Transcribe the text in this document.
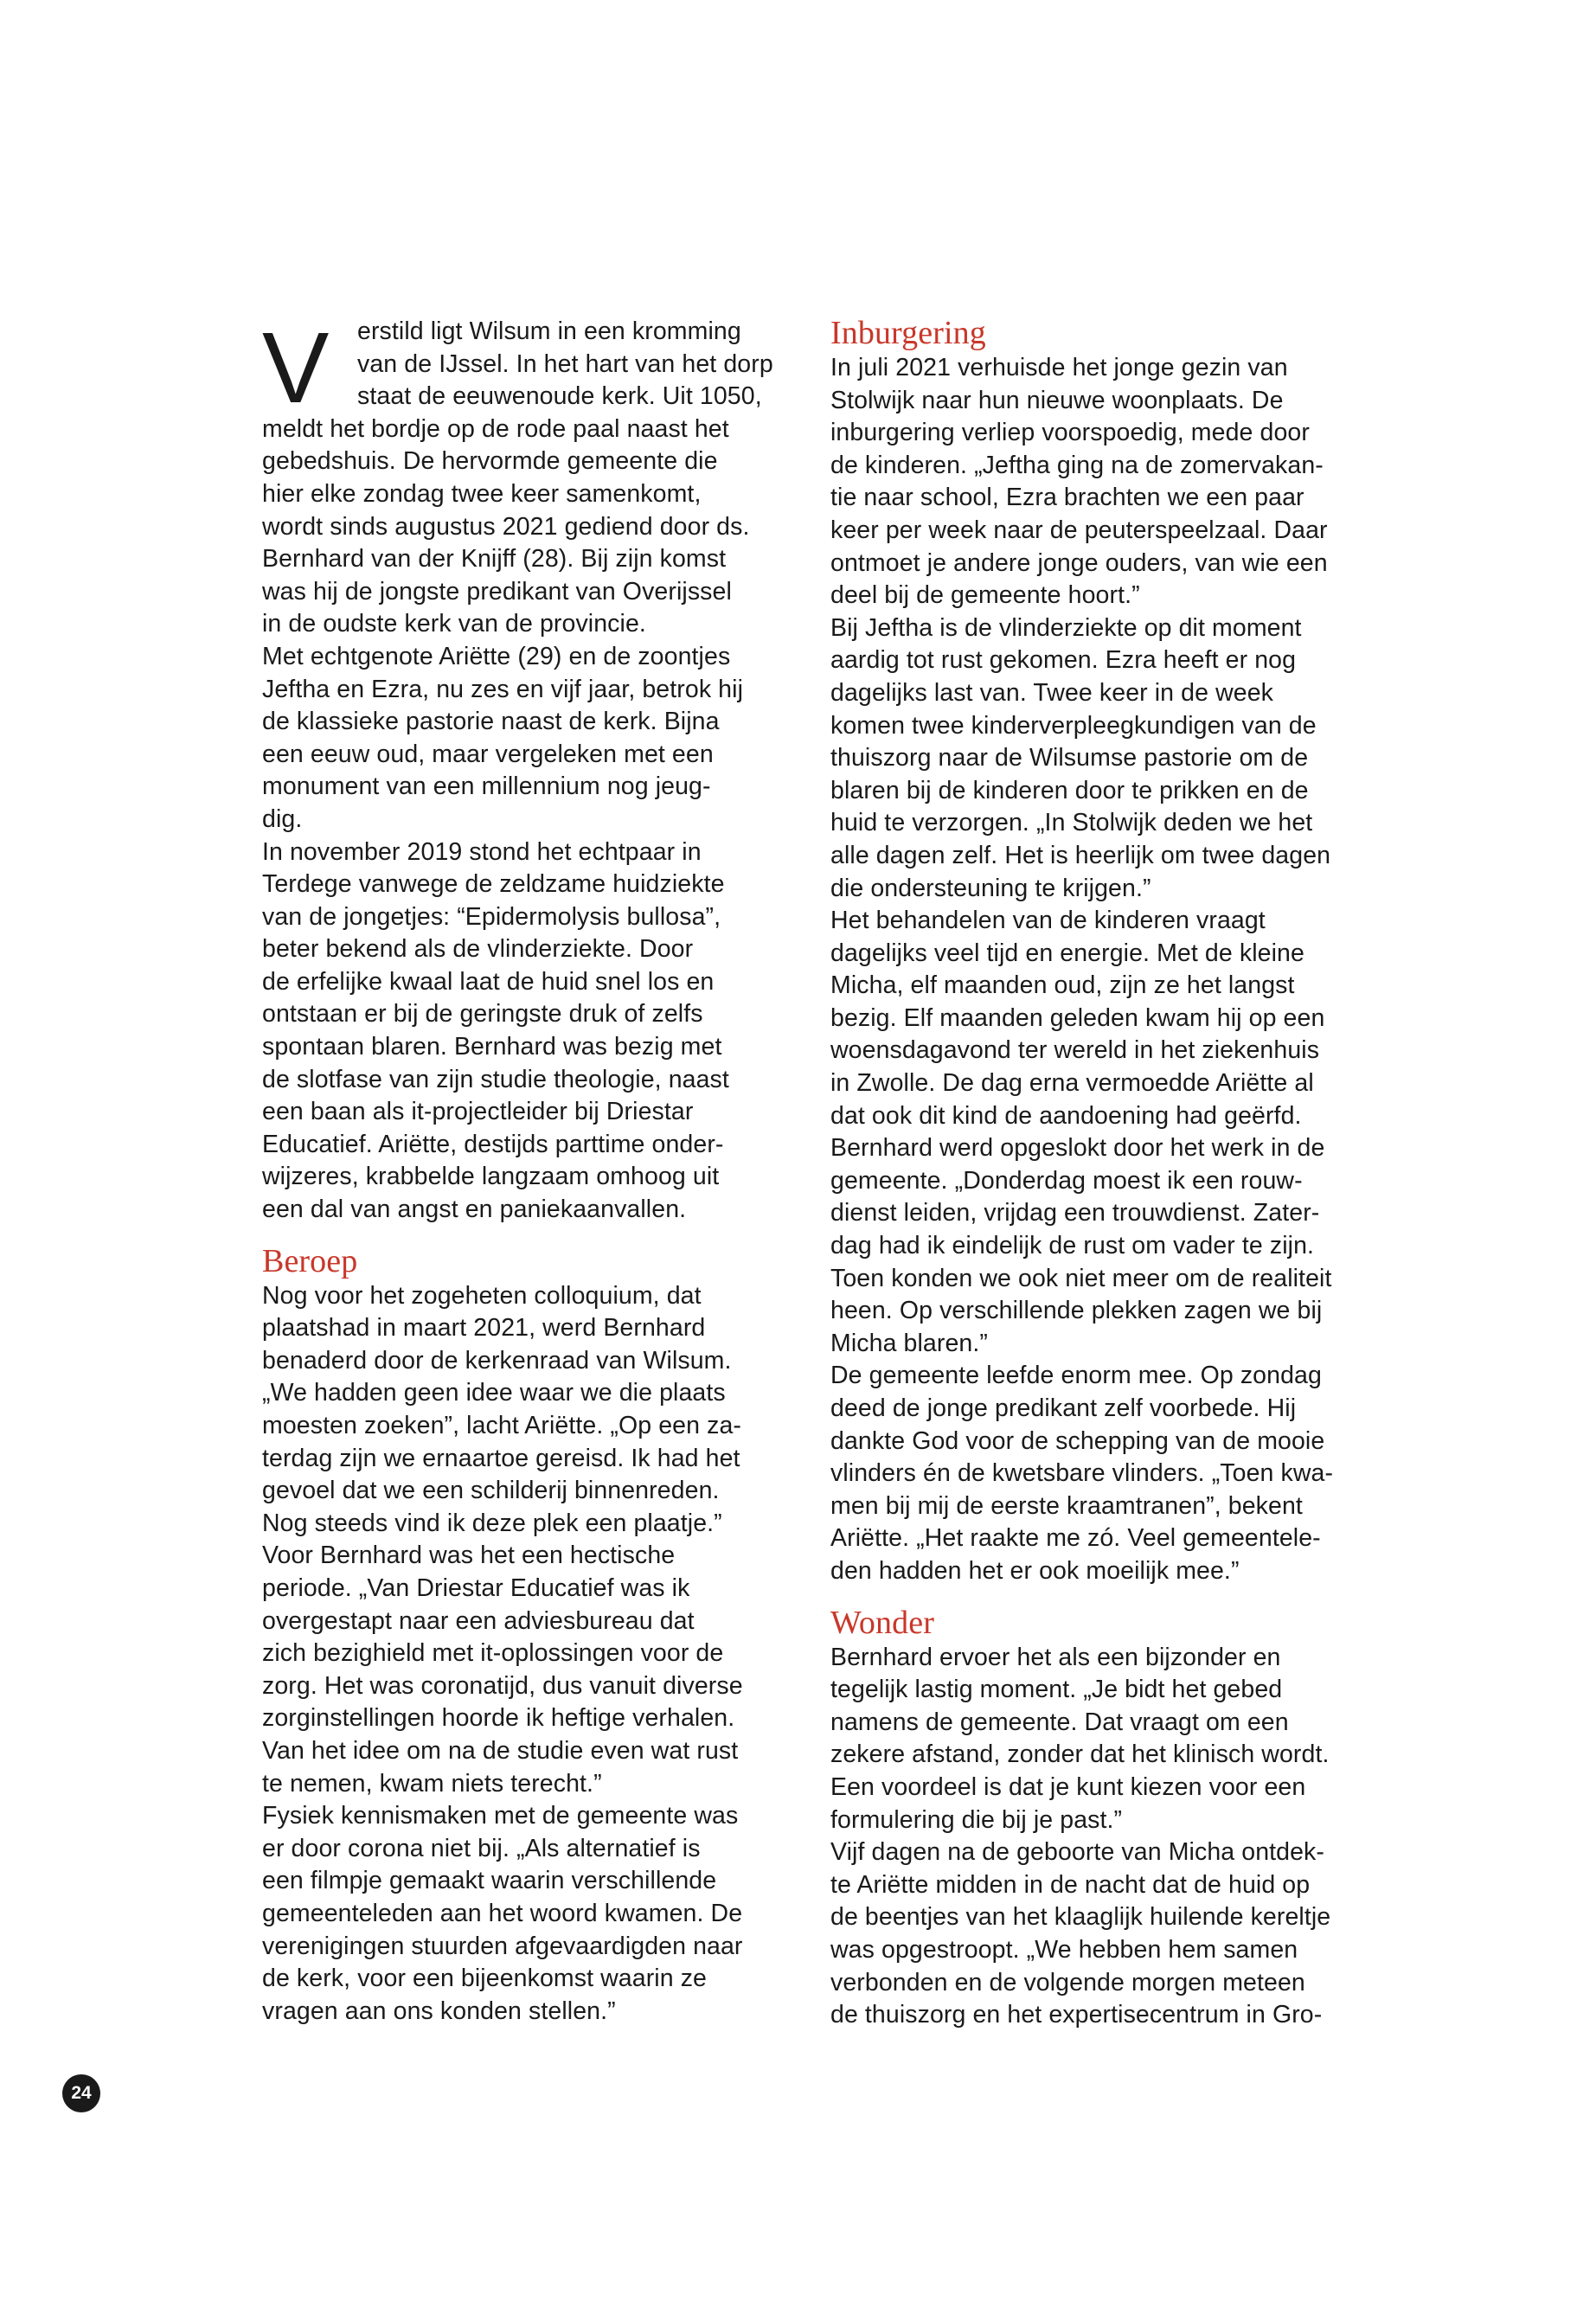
V	erstild ligt Wilsum in een kromming
van de IJssel. In het hart van het dorp
staat de eeuwenoude kerk. Uit 1050,
meldt het bordje op de rode paal naast het
gebedshuis. De hervormde gemeente die
hier elke zondag twee keer samenkomt,
wordt sinds augustus 2021 gediend door ds.
Bernhard van der Knijff (28). Bij zijn komst
was hij de jongste predikant van Overijssel
in de oudste kerk van de provincie.
Met echtgenote Ariëtte (29) en de zoontjes
Jeftha en Ezra, nu zes en vijf jaar, betrok hij
de klassieke pastorie naast de kerk. Bijna
een eeuw oud, maar vergeleken met een
monument van een millennium nog jeug-
dig.
In november 2019 stond het echtpaar in
Terdege vanwege de zeldzame huidziekte
van de jongetjes: “Epidermolysis bullosa”,
beter bekend als de vlinderziekte. Door
de erfelijke kwaal laat de huid snel los en
ontstaan er bij de geringste druk of zelfs
spontaan blaren. Bernhard was bezig met
de slotfase van zijn studie theologie, naast
een baan als it-projectleider bij Driestar
Educatief. Ariëtte, destijds parttime onder-
wijzeres, krabbelde langzaam omhoog uit
een dal van angst en paniekaanvallen.
Beroep
Nog voor het zogeheten colloquium, dat
plaatshad in maart 2021, werd Bernhard
benaderd door de kerkenraad van Wilsum.
„We hadden geen idee waar we die plaats
moesten zoeken”, lacht Ariëtte. „Op een za-
terdag zijn we ernaartoe gereisd. Ik had het
gevoel dat we een schilderij binnenreden.
Nog steeds vind ik deze plek een plaatje.”
Voor Bernhard was het een hectische
periode. „Van Driestar Educatief was ik
overgestapt naar een adviesbureau dat
zich bezighield met it-oplossingen voor de
zorg. Het was coronatijd, dus vanuit diverse
zorginstellingen hoorde ik heftige verhalen.
Van het idee om na de studie even wat rust
te nemen, kwam niets terecht.”
Fysiek kennismaken met de gemeente was
er door corona niet bij. „Als alternatief is
een filmpje gemaakt waarin verschillende
gemeenteleden aan het woord kwamen. De
verenigingen stuurden afgevaardigden naar
de kerk, voor een bijeenkomst waarin ze
vragen aan ons konden stellen.”
Inburgering
In juli 2021 verhuisde het jonge gezin van
Stolwijk naar hun nieuwe woonplaats. De
inburgering verliep voorspoedig, mede door
de kinderen. „Jeftha ging na de zomervakan-
tie naar school, Ezra brachten we een paar
keer per week naar de peuterspeelzaal. Daar
ontmoet je andere jonge ouders, van wie een
deel bij de gemeente hoort.”
Bij Jeftha is de vlinderziekte op dit moment
aardig tot rust gekomen. Ezra heeft er nog
dagelijks last van. Twee keer in de week
komen twee kinderverpleegkundigen van de
thuiszorg naar de Wilsumse pastorie om de
blaren bij de kinderen door te prikken en de
huid te verzorgen. „In Stolwijk deden we het
alle dagen zelf. Het is heerlijk om twee dagen
die ondersteuning te krijgen.”
Het behandelen van de kinderen vraagt
dagelijks veel tijd en energie. Met de kleine
Micha, elf maanden oud, zijn ze het langst
bezig. Elf maanden geleden kwam hij op een
woensdagavond ter wereld in het ziekenhuis
in Zwolle. De dag erna vermoedde Ariëtte al
dat ook dit kind de aandoening had geërfd.
Bernhard werd opgeslokt door het werk in de
gemeente. „Donderdag moest ik een rouw-
dienst leiden, vrijdag een trouwdienst. Zater-
dag had ik eindelijk de rust om vader te zijn.
Toen konden we ook niet meer om de realiteit
heen. Op verschillende plekken zagen we bij
Micha blaren.”
De gemeente leefde enorm mee. Op zondag
deed de jonge predikant zelf voorbede. Hij
dankte God voor de schepping van de mooie
vlinders én de kwetsbare vlinders. „Toen kwa-
men bij mij de eerste kraamtranen”, bekent
Ariëtte. „Het raakte me zó. Veel gemeentele-
den hadden het er ook moeilijk mee.”
Wonder
Bernhard ervoer het als een bijzonder en
tegelijk lastig moment. „Je bidt het gebed
namens de gemeente. Dat vraagt om een
zekere afstand, zonder dat het klinisch wordt.
Een voordeel is dat je kunt kiezen voor een
formulering die bij je past.”
Vijf dagen na de geboorte van Micha ontdek-
te Ariëtte midden in de nacht dat de huid op
de beentjes van het klaaglijk huilende kereltje
was opgestroopt. „We hebben hem samen
verbonden en de volgende morgen meteen
de thuiszorg en het expertisecentrum in Gro-
24
